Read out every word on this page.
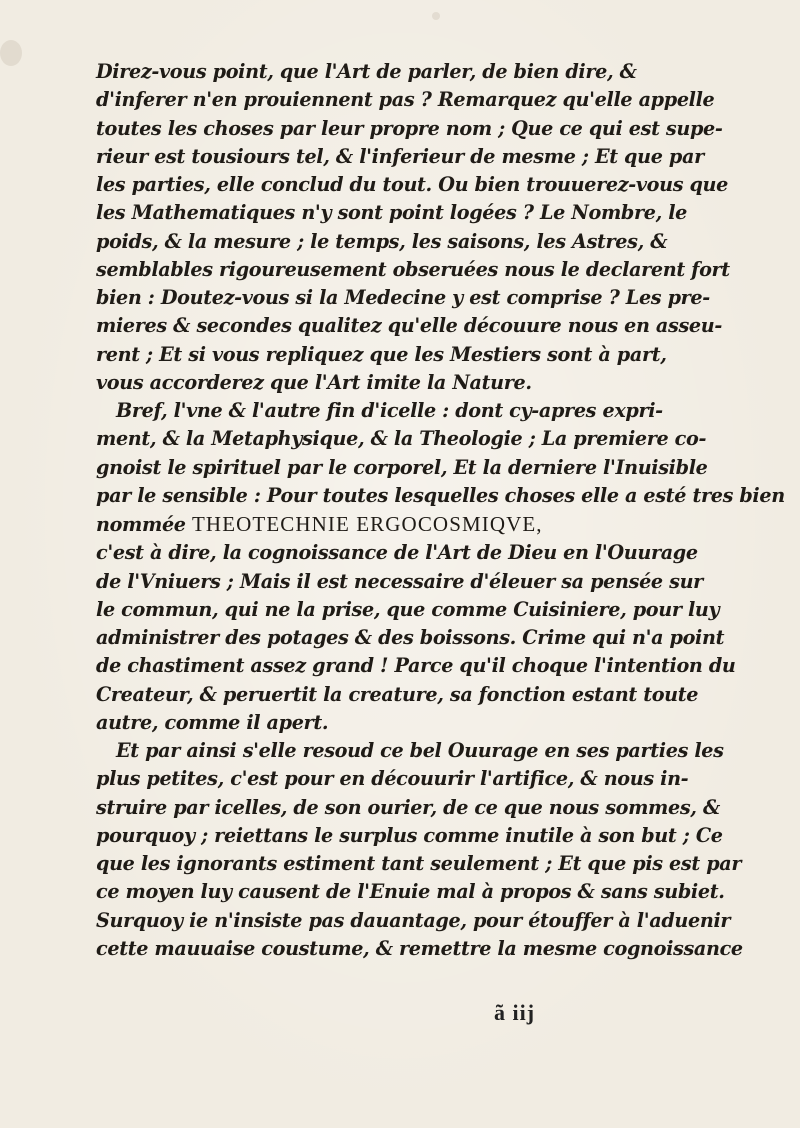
Direz-vous point, que l'Art de parler, de bien dire, &
d'inferer n'en prouiennent pas ? Remarquez qu'elle appelle
toutes les choses par leur propre nom ; Que ce qui est supe-
rieur est tousiours tel, & l'inferieur de mesme ; Et que par
les parties, elle conclud du tout. Ou bien trouuerez-vous que
les Mathematiques n'y sont point logées ? Le Nombre, le
poids, & la mesure ; le temps, les saisons, les Astres, &
semblables rigoureusement obseruées nous le declarent fort
bien : Doutez-vous si la Medecine y est comprise ? Les pre-
mieres & secondes qualitez qu'elle découure nous en asseu-
rent ; Et si vous repliquez que les Mestiers sont à part,
vous accorderez que l'Art imite la Nature.

Bref, l'vne & l'autre fin d'icelle : dont cy-apres expri-
ment, & la Metaphysique, & la Theologie ; La premiere co-
gnoist le spirituel par le corporel, Et la derniere l'Inuisible
par le sensible : Pour toutes lesquelles choses elle a esté tres bien
nommée THEOTECHNIE ERGOCOSMIQVE,
c'est à dire, la cognoissance de l'Art de Dieu en l'Ouurage
de l'Vniuers ; Mais il est necessaire d'éleuer sa pensée sur
le commun, qui ne la prise, que comme Cuisiniere, pour luy
administrer des potages & des boissons. Crime qui n'a point
de chastiment assez grand ! Parce qu'il choque l'intention du
Createur, & peruertit la creature, sa fonction estant toute
autre, comme il apert.

Et par ainsi s'elle resoud ce bel Ouurage en ses parties les
plus petites, c'est pour en découurir l'artifice, & nous in-
struire par icelles, de son ourier, de ce que nous sommes, &
pourquoy ; reiettans le surplus comme inutile à son but ; Ce
que les ignorants estiment tant seulement ; Et que pis est par
ce moyen luy causent de l'Enuie mal à propos & sans subiet.
Surquoy ie n'insiste pas dauantage, pour étouffer à l'aduenir
cette mauuaise coustume, & remettre la mesme cognoissance

ã iij
